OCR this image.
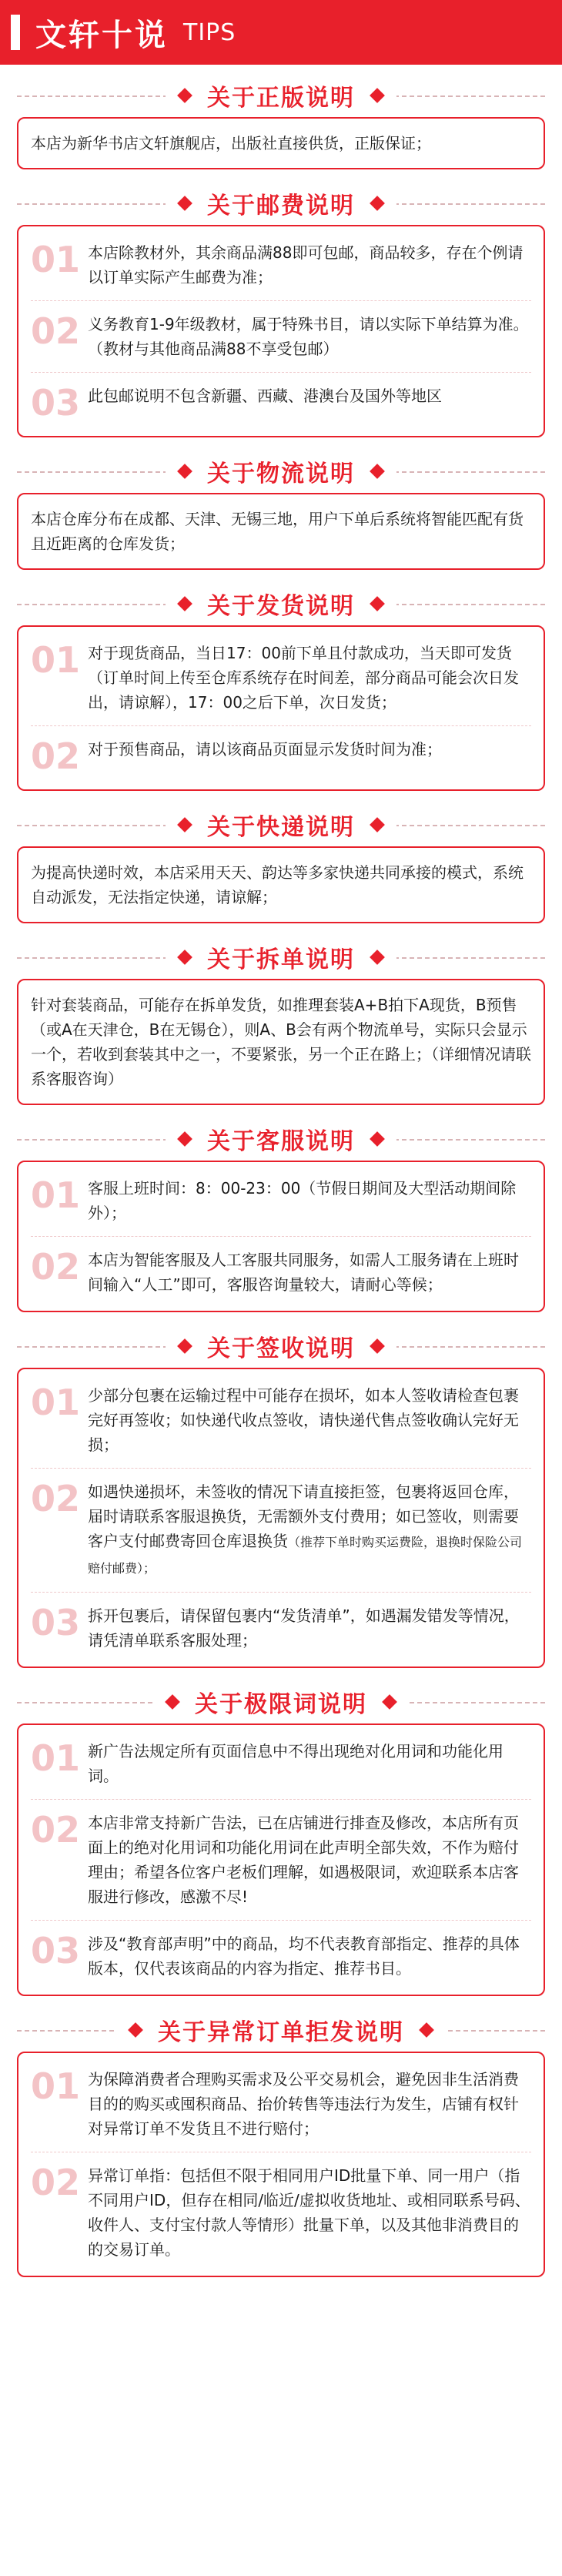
文轩十说 TIPS
关于正版说明
本店为新华书店文轩旗舰店，出版社直接供货，正版保证；
关于邮费说明
01 本店除教材外，其余商品满88即可包邮，商品较多，存在个例请以订单实际产生邮费为准；
02 义务教育1-9年级教材，属于特殊书目，请以实际下单结算为准。（教材与其他商品满88不享受包邮）
03 此包邮说明不包含新疆、西藏、港澳台及国外等地区
关于物流说明
本店仓库分布在成都、天津、无锡三地，用户下单后系统将智能匹配有货且近距离的仓库发货；
关于发货说明
01 对于现货商品，当日17：00前下单且付款成功，当天即可发货（订单时间上传至仓库系统存在时间差，部分商品可能会次日发出，请谅解），17：00之后下单，次日发货；
02 对于预售商品，请以该商品页面显示发货时间为准；
关于快递说明
为提高快递时效，本店采用天天、韵达等多家快递共同承接的模式，系统自动派发，无法指定快递，请谅解；
关于拆单说明
针对套装商品，可能存在拆单发货，如推理套装A+B拍下A现货，B预售（或A在天津仓，B在无锡仓），则A、B会有两个物流单号，实际只会显示一个，若收到套装其中之一，不要紧张，另一个正在路上；（详细情况请联系客服咨询）
关于客服说明
01 客服上班时间：8：00-23：00（节假日期间及大型活动期间除外）；
02 本店为智能客服及人工客服共同服务，如需人工服务请在上班时间输入“人工”即可，客服咨询量较大，请耐心等候；
关于签收说明
01 少部分包裹在运输过程中可能存在损坏，如本人签收请检查包裹完好再签收；如快递代收点签收，请快递代售点签收确认完好无损；
02 如遇快递损坏，未签收的情况下请直接拒签，包裹将返回仓库，届时请联系客服退换货，无需额外支付费用；如已签收，则需要客户支付邮费寄回仓库退换货（推荐下单时购买运费险，退换时保险公司赔付邮费）；
03 拆开包裹后，请保留包裹内“发货清单”，如遇漏发错发等情况，请凭清单联系客服处理；
关于极限词说明
01 新广告法规定所有页面信息中不得出现绝对化用词和功能化用词。
02 本店非常支持新广告法，已在店铺进行排查及修改，本店所有页面上的绝对化用词和功能化用词在此声明全部失效，不作为赔付理由；希望各位客户老板们理解，如遇极限词，欢迎联系本店客服进行修改，感激不尽!
03 涉及“教育部声明”中的商品，均不代表教育部指定、推荐的具体版本，仅代表该商品的内容为指定、推荐书目。
关于异常订单拒发说明
01 为保障消费者合理购买需求及公平交易机会，避免因非生活消费目的的购买或囤积商品、抬价转售等违法行为发生，店铺有权针对异常订单不发货且不进行赔付；
02 异常订单指：包括但不限于相同用户ID批量下单、同一用户（指不同用户ID，但存在相同/临近/虚拟收货地址、或相同联系号码、收件人、支付宝付款人等情形）批量下单，以及其他非消费目的的交易订单。
